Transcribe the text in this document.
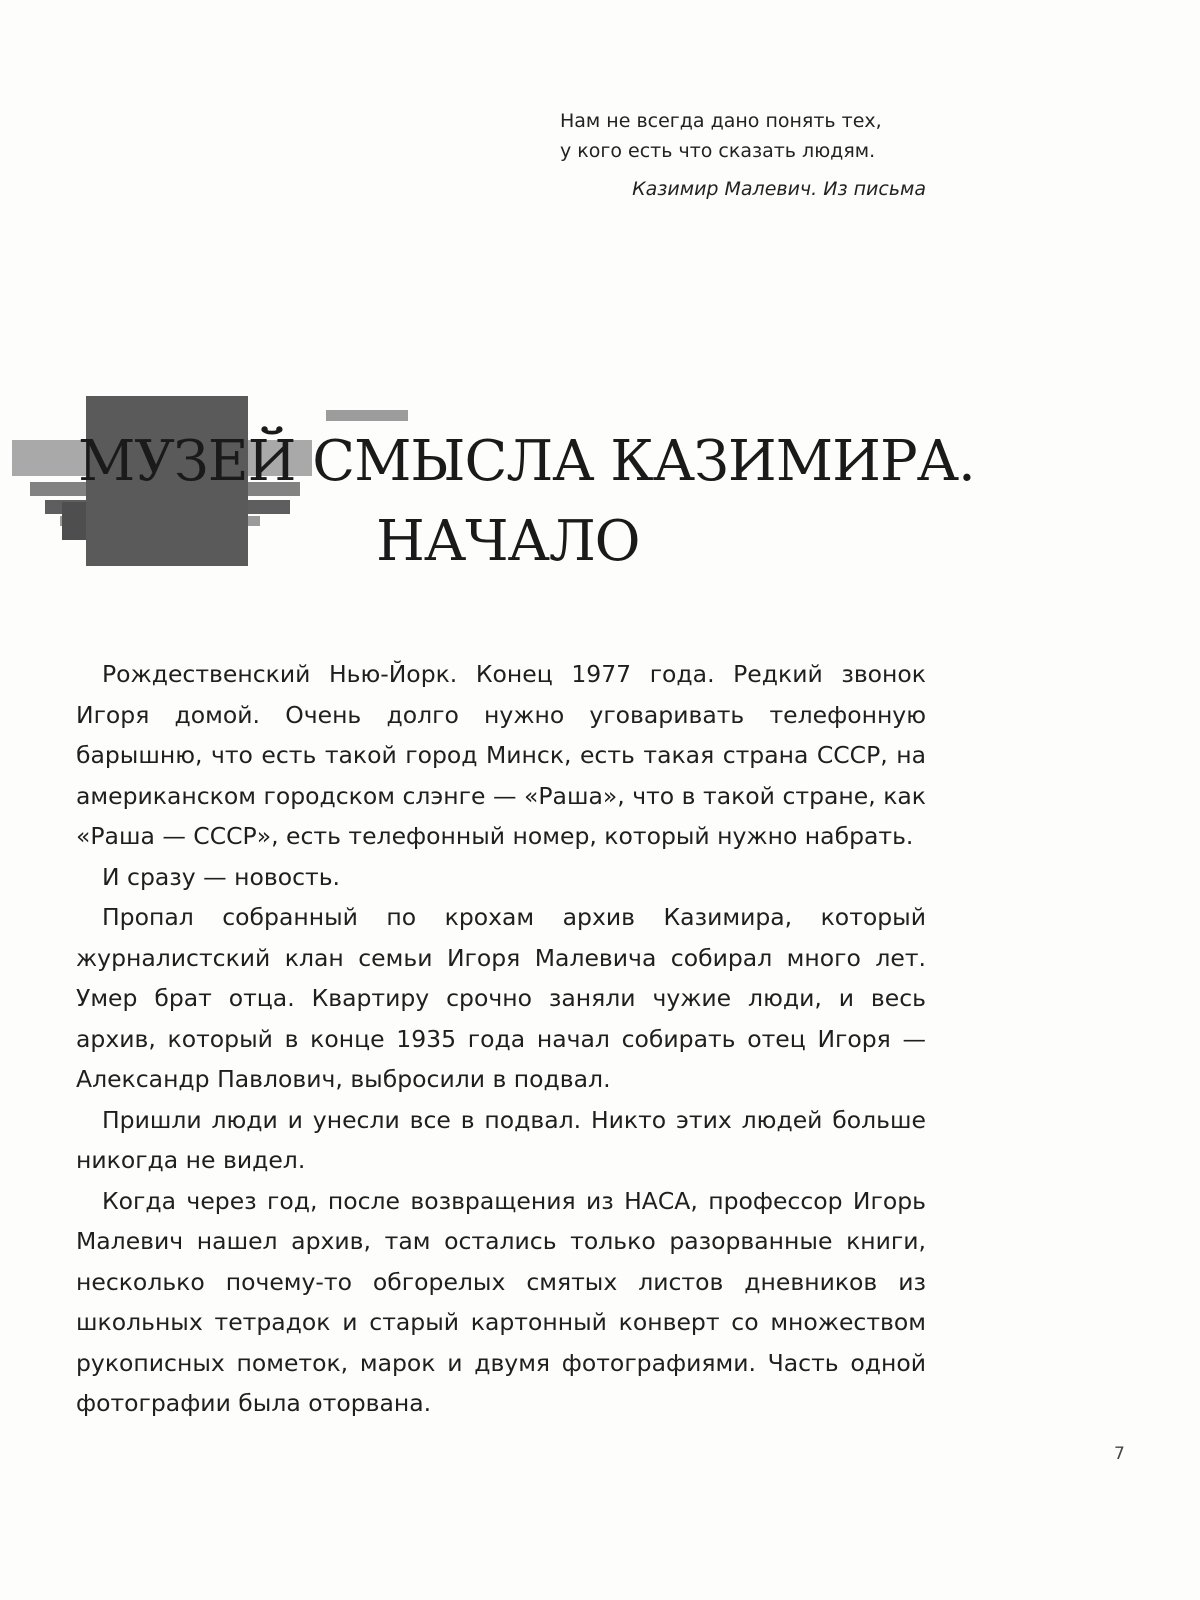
Нам не всегда дано понять тех,
у кого есть что сказать людям.
Казимир Малевич. Из письма
МУЗЕЙ СМЫСЛА КАЗИМИРА.
НАЧАЛО

Рождественский Нью-Йорк. Конец 1977 года. Редкий звонок Игоря домой. Очень долго нужно уговаривать телефонную барышню, что есть такой город Минск, есть такая страна СССР, на американском городском слэнге — «Раша», что в такой стране, как «Раша — СССР», есть телефонный номер, который нужно набрать.

И сразу — новость.

Пропал собранный по крохам архив Казимира, который журналистский клан семьи Игоря Малевича собирал много лет. Умер брат отца. Квартиру срочно заняли чужие люди, и весь архив, который в конце 1935 года начал собирать отец Игоря — Александр Павлович, выбросили в подвал.

Пришли люди и унесли все в подвал. Никто этих людей больше никогда не видел.

Когда через год, после возвращения из НАСА, профессор Игорь Малевич нашел архив, там остались только разорванные книги, несколько почему-то обгорелых смятых листов дневников из школьных тетрадок и старый картонный конверт со множеством рукописных пометок, марок и двумя фотографиями. Часть одной фотографии была оторвана.

7
